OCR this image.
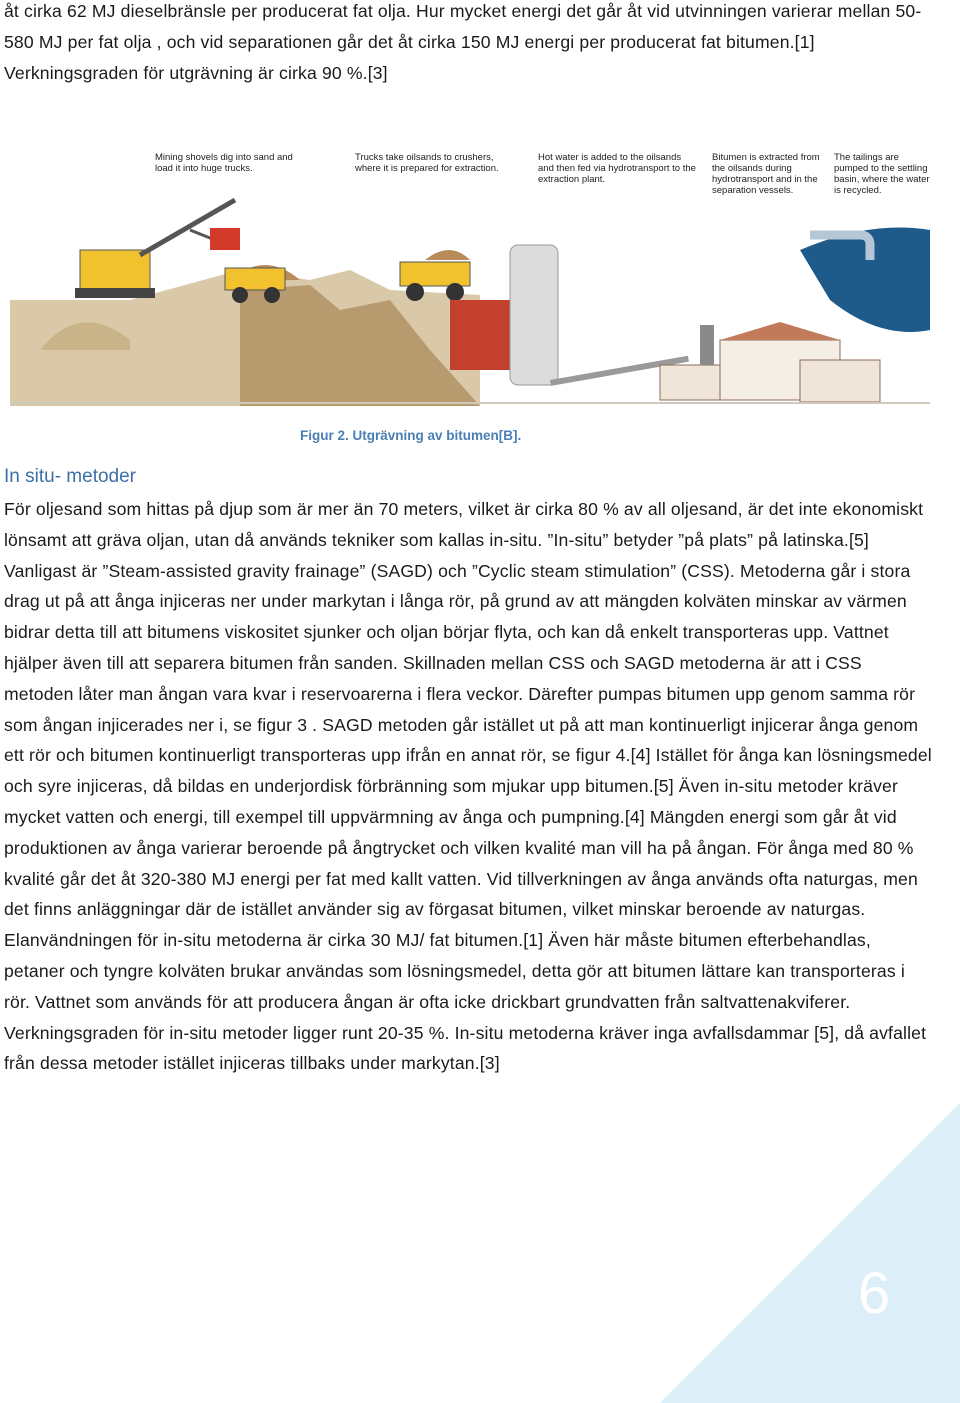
åt cirka 62 MJ dieselbränsle per producerat fat olja. Hur mycket energi det går åt vid utvinningen varierar mellan 50-580 MJ per fat olja , och vid separationen går det åt cirka 150 MJ energi per producerat fat bitumen.[1] Verkningsgraden för utgrävning är cirka 90 %.[3]

Mining shovels dig into sand and load it into huge trucks.
Trucks take oilsands to crushers, where it is prepared for extraction.
Hot water is added to the oilsands and then fed via hydrotransport to the extraction plant.
Bitumen is extracted from the oilsands during hydrotransport and in the separation vessels.
The tailings are pumped to the settling basin, where the water is recycled.
Figur 2. Utgrävning av bitumen[B].
In situ- metoder

För oljesand som hittas på djup som är mer än 70 meters, vilket är cirka 80 % av all oljesand, är det inte ekonomiskt lönsamt att gräva oljan, utan då används tekniker som kallas in-situ. ”In-situ” betyder ”på plats” på latinska.[5] Vanligast är ”Steam-assisted gravity frainage” (SAGD) och ”Cyclic steam stimulation” (CSS). Metoderna går i stora drag ut på att ånga injiceras ner under markytan i långa rör, på grund av att mängden kolväten minskar av värmen bidrar detta till att bitumens viskositet sjunker och oljan börjar flyta, och kan då enkelt transporteras upp. Vattnet hjälper även till att separera bitumen från sanden. Skillnaden mellan CSS och SAGD metoderna är att i CSS metoden låter man ångan vara kvar i reservoarerna i flera veckor. Därefter pumpas bitumen upp genom samma rör som ångan injicerades ner i, se figur 3 . SAGD metoden går istället ut på att man kontinuerligt injicerar ånga genom ett rör och bitumen kontinuerligt transporteras upp ifrån en annat rör, se figur 4.[4] Istället för ånga kan lösningsmedel och syre injiceras, då bildas en underjordisk förbränning som mjukar upp bitumen.[5] Även in-situ metoder kräver mycket vatten och energi, till exempel till uppvärmning av ånga och pumpning.[4] Mängden energi som går åt vid produktionen av ånga varierar beroende på ångtrycket och vilken kvalité man vill ha på ångan. För ånga med 80 % kvalité går det åt 320-380 MJ energi per fat med kallt vatten. Vid tillverkningen av ånga används ofta naturgas, men det finns anläggningar där de istället använder sig av förgasat bitumen, vilket minskar beroende av naturgas. Elanvändningen för in-situ metoderna är cirka 30 MJ/ fat bitumen.[1] Även här måste bitumen efterbehandlas, petaner och tyngre kolväten brukar användas som lösningsmedel, detta gör att bitumen lättare kan transporteras i rör. Vattnet som används för att producera ångan är ofta icke drickbart grundvatten från saltvattenakviferer. Verkningsgraden för in-situ metoder ligger runt 20-35 %. In-situ metoderna kräver inga avfallsdammar [5], då avfallet från dessa metoder istället injiceras tillbaks under markytan.[3]

6
